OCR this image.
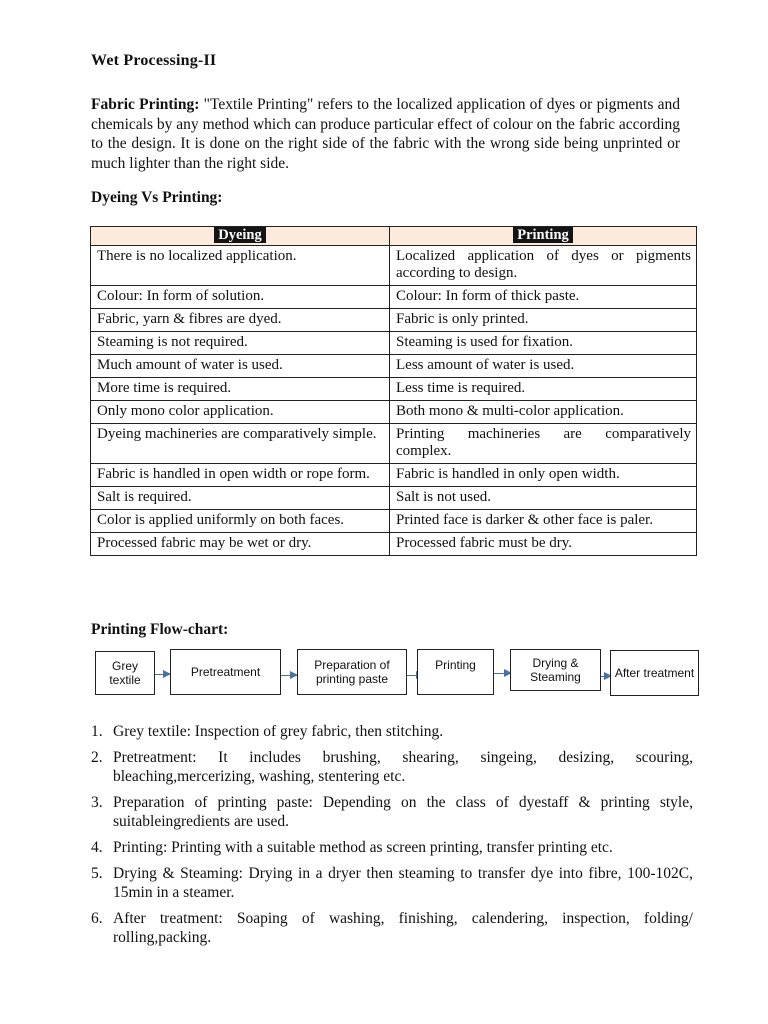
Wet Processing-II

Fabric Printing: "Textile Printing" refers to the localized application of dyes or pigments and chemicals by any method which can produce particular effect of colour on the fabric according to the design. It is done on the right side of the fabric with the wrong side being unprinted or much lighter than the right side.

Dyeing Vs Printing:
Dyeing	Printing
There is no localized application.	Localized application of dyes or pigments according to design.
Colour: In form of solution.	Colour: In form of thick paste.
Fabric, yarn & fibres are dyed.	Fabric is only printed.
Steaming is not required.	Steaming is used for fixation.
Much amount of water is used.	Less amount of water is used.
More time is required.	Less time is required.
Only mono color application.	Both mono & multi-color application.
Dyeing machineries are comparatively simple.	Printing machineries are comparatively complex.
Fabric is handled in open width or rope form.	Fabric is handled in only open width.
Salt is required.	Salt is not used.
Color is applied uniformly on both faces.	Printed face is darker & other face is paler.
Processed fabric may be wet or dry.	Processed fabric must be dry.
Printing Flow-chart:
Grey textile
Pretreatment	Preparation of printing paste
Printing	Drying & Steaming	After treatment
1. Grey textile: Inspection of grey fabric, then stitching.
2. Pretreatment: It includes brushing, shearing, singeing, desizing, scouring, bleaching,mercerizing, washing, stentering etc.
3. Preparation of printing paste: Depending on the class of dyestaff & printing style, suitableingredients are used.
4. Printing: Printing with a suitable method as screen printing, transfer printing etc.
5. Drying & Steaming: Drying in a dryer then steaming to transfer dye into fibre, 100-102C, 15min in a steamer.
6. After treatment: Soaping of washing, finishing, calendering, inspection, folding/ rolling,packing.
